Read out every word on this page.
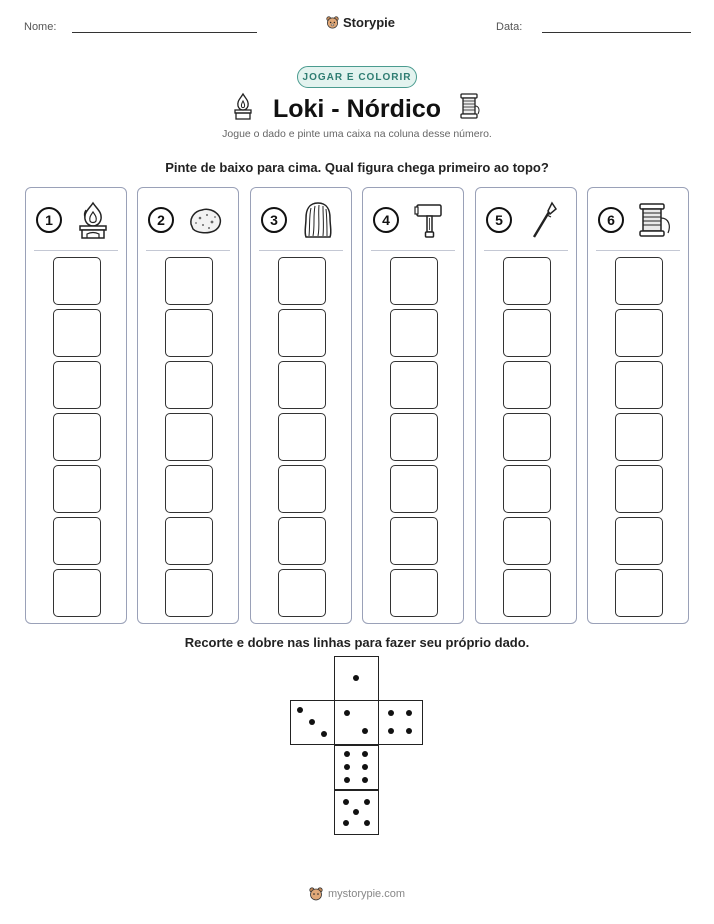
Nome:	Storypie	Data:
JOGAR E COLORIR
Loki - Nórdico
Jogue o dado e pinte uma caixa na coluna desse número.
Pinte de baixo para cima. Qual figura chega primeiro ao topo?
1	2	3	4	5	6
Recorte e dobre nas linhas para fazer seu próprio dado.
mystorypie.com
